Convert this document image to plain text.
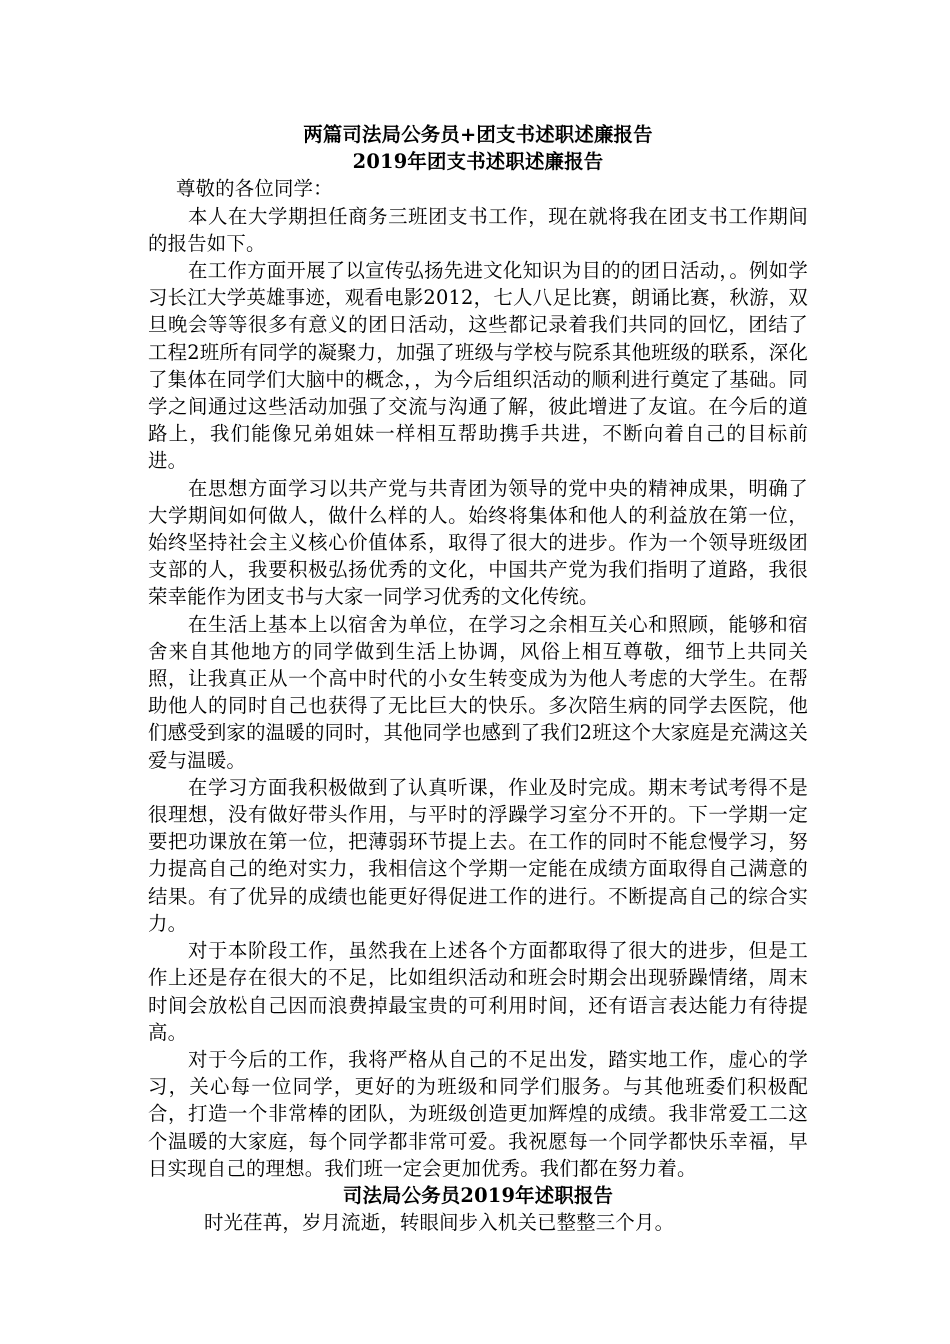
两篇司法局公务员+团支书述职述廉报告

2019年团支书述职述廉报告

尊敬的各位同学：

本人在大学期担任商务三班团支书工作，现在就将我在团支书工作期间的报告如下。

在工作方面开展了以宣传弘扬先进文化知识为目的的团日活动，。例如学习长江大学英雄事迹，观看电影2012，七人八足比赛，朗诵比赛，秋游，双旦晚会等等很多有意义的团日活动，这些都记录着我们共同的回忆，团结了工程2班所有同学的凝聚力，加强了班级与学校与院系其他班级的联系，深化了集体在同学们大脑中的概念，，为今后组织活动的顺利进行奠定了基础。同学之间通过这些活动加强了交流与沟通了解，彼此增进了友谊。在今后的道路上，我们能像兄弟姐妹一样相互帮助携手共进，不断向着自己的目标前进。

在思想方面学习以共产党与共青团为领导的党中央的精神成果，明确了大学期间如何做人，做什么样的人。始终将集体和他人的利益放在第一位，始终坚持社会主义核心价值体系，取得了很大的进步。作为一个领导班级团支部的人，我要积极弘扬优秀的文化，中国共产党为我们指明了道路，我很荣幸能作为团支书与大家一同学习优秀的文化传统。

在生活上基本上以宿舍为单位，在学习之余相互关心和照顾，能够和宿舍来自其他地方的同学做到生活上协调，风俗上相互尊敬，细节上共同关照，让我真正从一个高中时代的小女生转变成为为他人考虑的大学生。在帮助他人的同时自己也获得了无比巨大的快乐。多次陪生病的同学去医院，他们感受到家的温暖的同时，其他同学也感到了我们2班这个大家庭是充满这关爱与温暖。

在学习方面我积极做到了认真听课，作业及时完成。期末考试考得不是很理想，没有做好带头作用，与平时的浮躁学习室分不开的。下一学期一定要把功课放在第一位，把薄弱环节提上去。在工作的同时不能怠慢学习，努力提高自己的绝对实力，我相信这个学期一定能在成绩方面取得自己满意的结果。有了优异的成绩也能更好得促进工作的进行。不断提高自己的综合实力。

对于本阶段工作，虽然我在上述各个方面都取得了很大的进步，但是工作上还是存在很大的不足，比如组织活动和班会时期会出现骄躁情绪，周末时间会放松自己因而浪费掉最宝贵的可利用时间，还有语言表达能力有待提高。

对于今后的工作，我将严格从自己的不足出发，踏实地工作，虚心的学习，关心每一位同学，更好的为班级和同学们服务。与其他班委们积极配合，打造一个非常棒的团队，为班级创造更加辉煌的成绩。我非常爱工二这个温暖的大家庭，每个同学都非常可爱。我祝愿每一个同学都快乐幸福，早日实现自己的理想。我们班一定会更加优秀。我们都在努力着。

司法局公务员2019年述职报告

时光荏苒，岁月流逝，转眼间步入机关已整整三个月。
